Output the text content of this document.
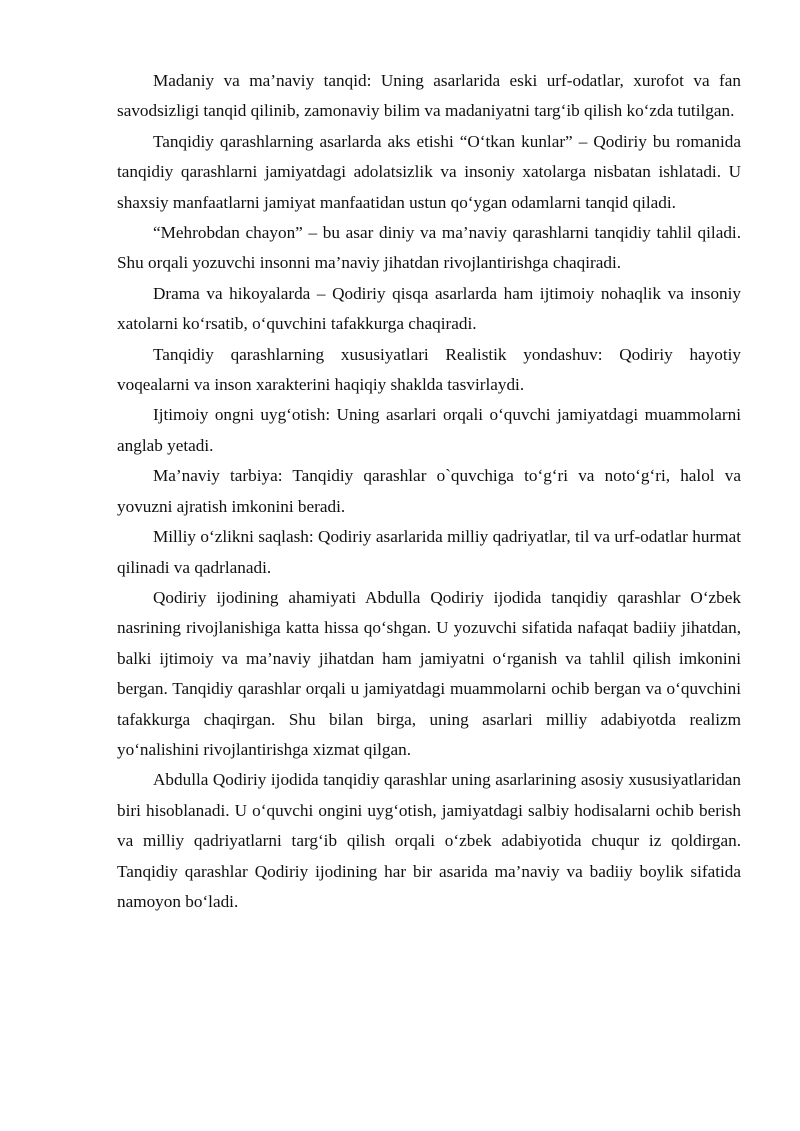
Madaniy va ma’naviy tanqid: Uning asarlarida eski urf-odatlar, xurofot va fan savodsizligi tanqid qilinib, zamonaviy bilim va madaniyatni targ‘ib qilish ko‘zda tutilgan.

Tanqidiy qarashlarning asarlarda aks etishi “O‘tkan kunlar” – Qodiriy bu romanida tanqidiy qarashlarni jamiyatdagi adolatsizlik va insoniy xatolarga nisbatan ishlatadi. U shaxsiy manfaatlarni jamiyat manfaatidan ustun qo‘ygan odamlarni tanqid qiladi.

“Mehrobdan chayon” – bu asar diniy va ma’naviy qarashlarni tanqidiy tahlil qiladi. Shu orqali yozuvchi insonni ma’naviy jihatdan rivojlantirishga chaqiradi.

Drama va hikoyalarda – Qodiriy qisqa asarlarda ham ijtimoiy nohaqlik va insoniy xatolarni ko‘rsatib, o‘quvchini tafakkurga chaqiradi.

Tanqidiy qarashlarning xususiyatlari Realistik yondashuv: Qodiriy hayotiy voqealarni va inson xarakterini haqiqiy shaklda tasvirlaydi.

Ijtimoiy ongni uyg‘otish: Uning asarlari orqali o‘quvchi jamiyatdagi muammolarni anglab yetadi.

Ma’naviy tarbiya: Tanqidiy qarashlar o`quvchiga to‘g‘ri va noto‘g‘ri, halol va yovuzni ajratish imkonini beradi.

Milliy o‘zlikni saqlash: Qodiriy asarlarida milliy qadriyatlar, til va urf-odatlar hurmat qilinadi va qadrlanadi.

Qodiriy ijodining ahamiyati Abdulla Qodiriy ijodida tanqidiy qarashlar O‘zbek nasrining rivojlanishiga katta hissa qo‘shgan. U yozuvchi sifatida nafaqat badiiy jihatdan, balki ijtimoiy va ma’naviy jihatdan ham jamiyatni o‘rganish va tahlil qilish imkonini bergan. Tanqidiy qarashlar orqali u jamiyatdagi muammolarni ochib bergan va o‘quvchini tafakkurga chaqirgan. Shu bilan birga, uning asarlari milliy adabiyotda realizm yo‘nalishini rivojlantirishga xizmat qilgan.

Abdulla Qodiriy ijodida tanqidiy qarashlar uning asarlarining asosiy xususiyatlaridan biri hisoblanadi. U o‘quvchi ongini uyg‘otish, jamiyatdagi salbiy hodisalarni ochib berish va milliy qadriyatlarni targ‘ib qilish orqali o‘zbek adabiyotida chuqur iz qoldirgan. Tanqidiy qarashlar Qodiriy ijodining har bir asarida ma’naviy va badiiy boylik sifatida namoyon bo‘ladi.
